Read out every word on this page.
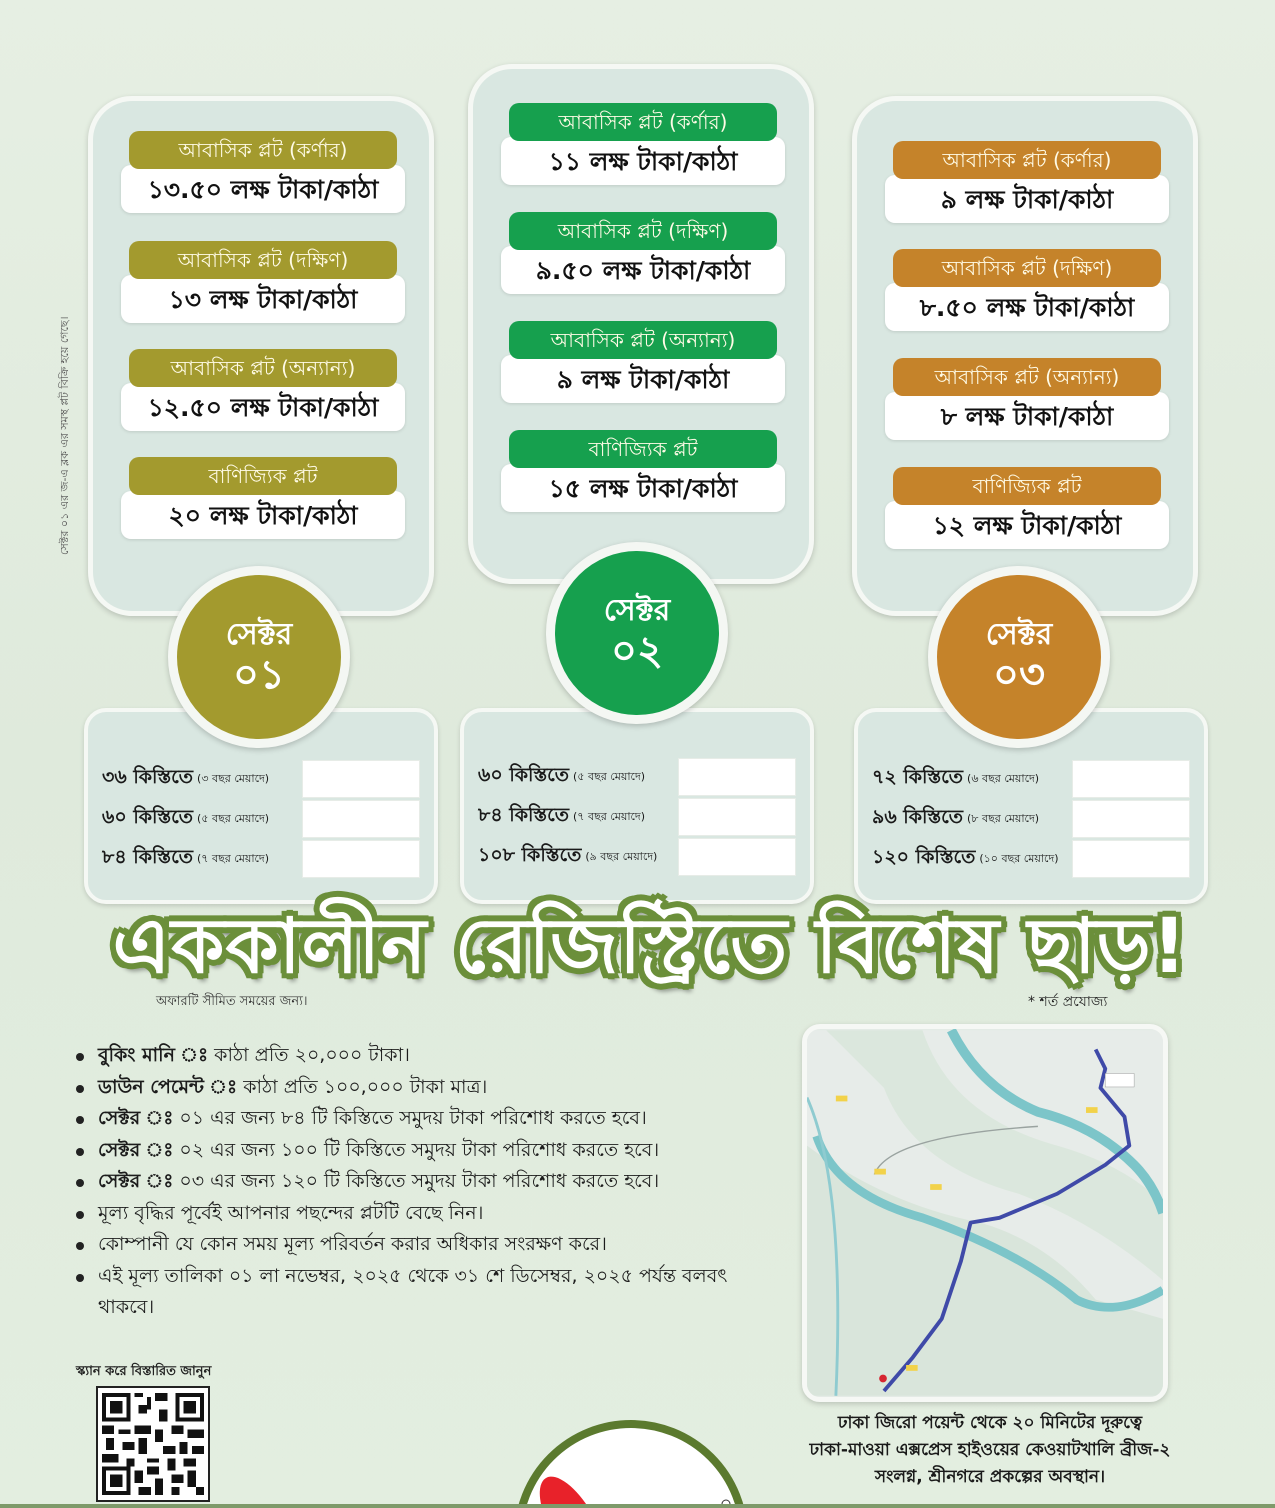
সেক্টর ০১ এর জ-এ ব্লক এর সমস্থ প্লট বিক্রি হয়ে গেছে।
আবাসিক প্লট (কর্ণার)
১৩.৫০ লক্ষ টাকা/কাঠা
আবাসিক প্লট (দক্ষিণ)
১৩ লক্ষ টাকা/কাঠা
আবাসিক প্লট (অন্যান্য)
১২.৫০ লক্ষ টাকা/কাঠা
বাণিজ্যিক প্লট
২০ লক্ষ টাকা/কাঠা
আবাসিক প্লট (কর্ণার)
১১ লক্ষ টাকা/কাঠা
আবাসিক প্লট (দক্ষিণ)
৯.৫০ লক্ষ টাকা/কাঠা
আবাসিক প্লট (অন্যান্য)
৯ লক্ষ টাকা/কাঠা
বাণিজ্যিক প্লট
১৫ লক্ষ টাকা/কাঠা
আবাসিক প্লট (কর্ণার)
৯ লক্ষ টাকা/কাঠা
আবাসিক প্লট (দক্ষিণ)
৮.৫০ লক্ষ টাকা/কাঠা
আবাসিক প্লট (অন্যান্য)
৮ লক্ষ টাকা/কাঠা
বাণিজ্যিক প্লট
১২ লক্ষ টাকা/কাঠা
৩৬ কিস্তিতে (৩ বছর মেয়াদে)
৬০ কিস্তিতে (৫ বছর মেয়াদে)
৮৪ কিস্তিতে (৭ বছর মেয়াদে)
৬০ কিস্তিতে (৫ বছর মেয়াদে)
৮৪ কিস্তিতে (৭ বছর মেয়াদে)
১০৮ কিস্তিতে (৯ বছর মেয়াদে)
৭২ কিস্তিতে (৬ বছর মেয়াদে)
৯৬ কিস্তিতে (৮ বছর মেয়াদে)
১২০ কিস্তিতে (১০ বছর মেয়াদে)
সেক্টর
০১
সেক্টর
০২	সেক্টর
০৩
এককালীন রেজিস্ট্রিতে বিশেষ ছাড়!
অফারটি সীমিত সময়ের জন্য।	* শর্ত প্রযোজ্য
বুকিং মানি ঃ কাঠা প্রতি ২০,০০০ টাকা।
ডাউন পেমেন্ট ঃ কাঠা প্রতি ১০০,০০০ টাকা মাত্র।
সেক্টর ঃ ০১ এর জন্য ৮৪ টি কিস্তিতে সমুদয় টাকা পরিশোধ করতে হবে।
সেক্টর ঃ ০২ এর জন্য ১০০ টি কিস্তিতে সমুদয় টাকা পরিশোধ করতে হবে।
সেক্টর ঃ ০৩ এর জন্য ১২০ টি কিস্তিতে সমুদয় টাকা পরিশোধ করতে হবে।
মূল্য বৃদ্ধির পূর্বেই আপনার পছন্দের প্লটটি বেছে নিন।
কোম্পানী যে কোন সময় মূল্য পরিবর্তন করার অধিকার সংরক্ষণ করে।
এই মূল্য তালিকা ০১ লা নভেম্বর, ২০২৫ থেকে ৩১ শে ডিসেম্বর, ২০২৫ পর্যন্ত বলবৎ থাকবে।
স্ক্যান করে বিস্তারিত জানুন
ঢাকা জিরো পয়েন্ট থেকে ২০ মিনিটের দূরুত্বে
ঢাকা-মাওয়া এক্সপ্রেস হাইওয়ের কেওয়াটখালি ব্রীজ-২
সংলগ্ন, শ্রীনগরে প্রকল্পের অবস্থান।
